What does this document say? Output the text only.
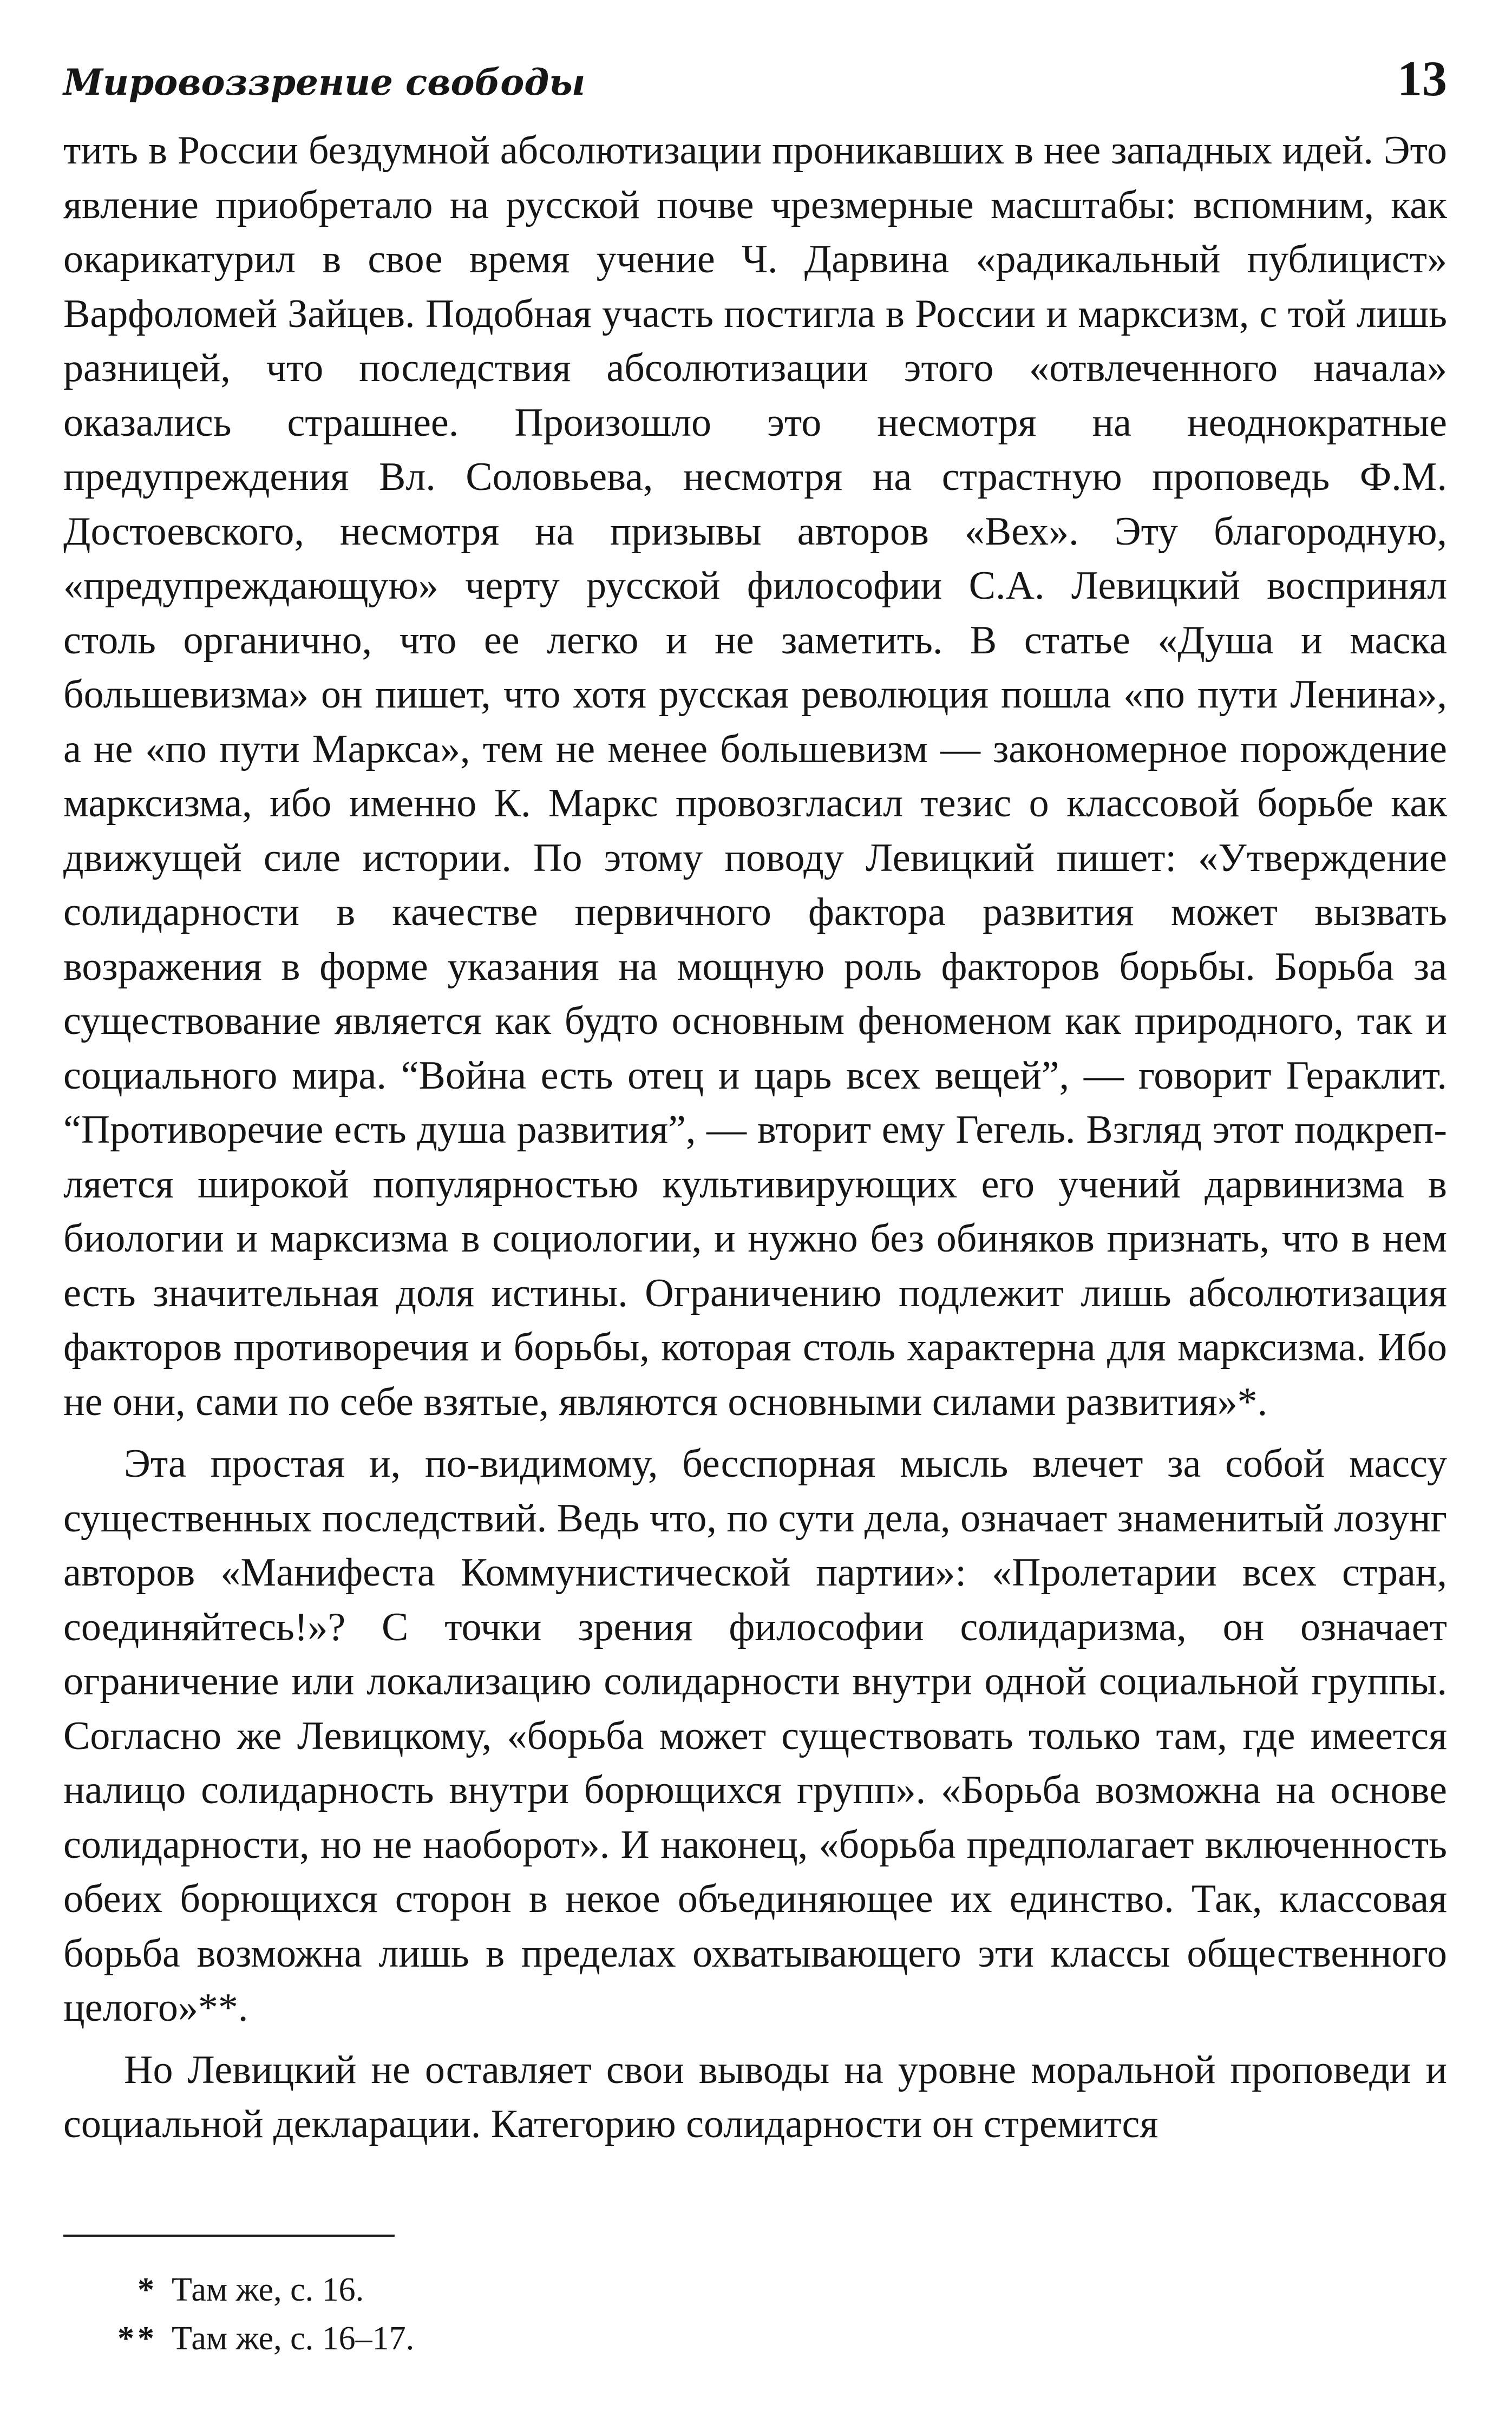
Мировоззрение свободы	13

тить в России бездумной абсолютизации проникавших в нее западных идей. Это явление приобретало на русской почве чрезмерные масштабы: вспомним, как окарикатурил в свое время учение Ч. Дарвина «радикальный публицист» Варфоломей Зайцев. Подобная участь постигла в России и марксизм, с той лишь разницей, что последствия абсолютизации этого «отвлеченного начала» оказались страшнее. Произошло это несмотря на неоднократные предупреждения Вл. Соловьева, несмотря на страстную проповедь Ф.М. Достоевского, несмотря на призывы авторов «Вех». Эту благородную, «предупреждающую» черту русской философии С.А. Левицкий воспринял столь органично, что ее легко и не заметить. В статье «Душа и маска большевизма» он пишет, что хотя русская революция пошла «по пути Ленина», а не «по пути Маркса», тем не менее большевизм — закономерное порождение марксизма, ибо именно К. Маркс провозгласил тезис о классовой борьбе как движущей силе истории. По этому поводу Левицкий пишет: «Утверждение солидарности в качестве первичного фактора развития может вызвать возражения в форме указания на мощную роль факторов борьбы. Борьба за существование является как будто основным феноменом как природного, так и социального мира. “Война есть отец и царь всех вещей”, — говорит Гераклит. “Противоречие есть душа развития”, — вторит ему Гегель. Взгляд этот подкрепляется широкой популярностью культивирующих его учений дарвинизма в биологии и марксизма в социологии, и нужно без обиняков признать, что в нем есть значительная доля истины. Ограничению подлежит лишь абсолютизация факторов противоречия и борьбы, которая столь характерна для марксизма. Ибо не они, сами по себе взятые, являются основными силами развития»*.

Эта простая и, по-видимому, бесспорная мысль влечет за собой массу существенных последствий. Ведь что, по сути дела, означает знаменитый лозунг авторов «Манифеста Коммунистической партии»: «Пролетарии всех стран, соединяйтесь!»? С точки зрения философии солидаризма, он означает ограничение или локализацию солидарности внутри одной социальной группы. Согласно же Левицкому, «борьба может существовать только там, где имеется налицо солидарность внутри борющихся групп». «Борьба возможна на основе солидарности, но не наоборот». И наконец, «борьба предполагает включенность обеих борющихся сторон в некое объединяющее их единство. Так, классовая борьба возможна лишь в пределах охватывающего эти классы общественного целого»**.

Но Левицкий не оставляет свои выводы на уровне моральной проповеди и социальной декларации. Категорию солидарности он стремится

* Там же, с. 16.
** Там же, с. 16–17.
